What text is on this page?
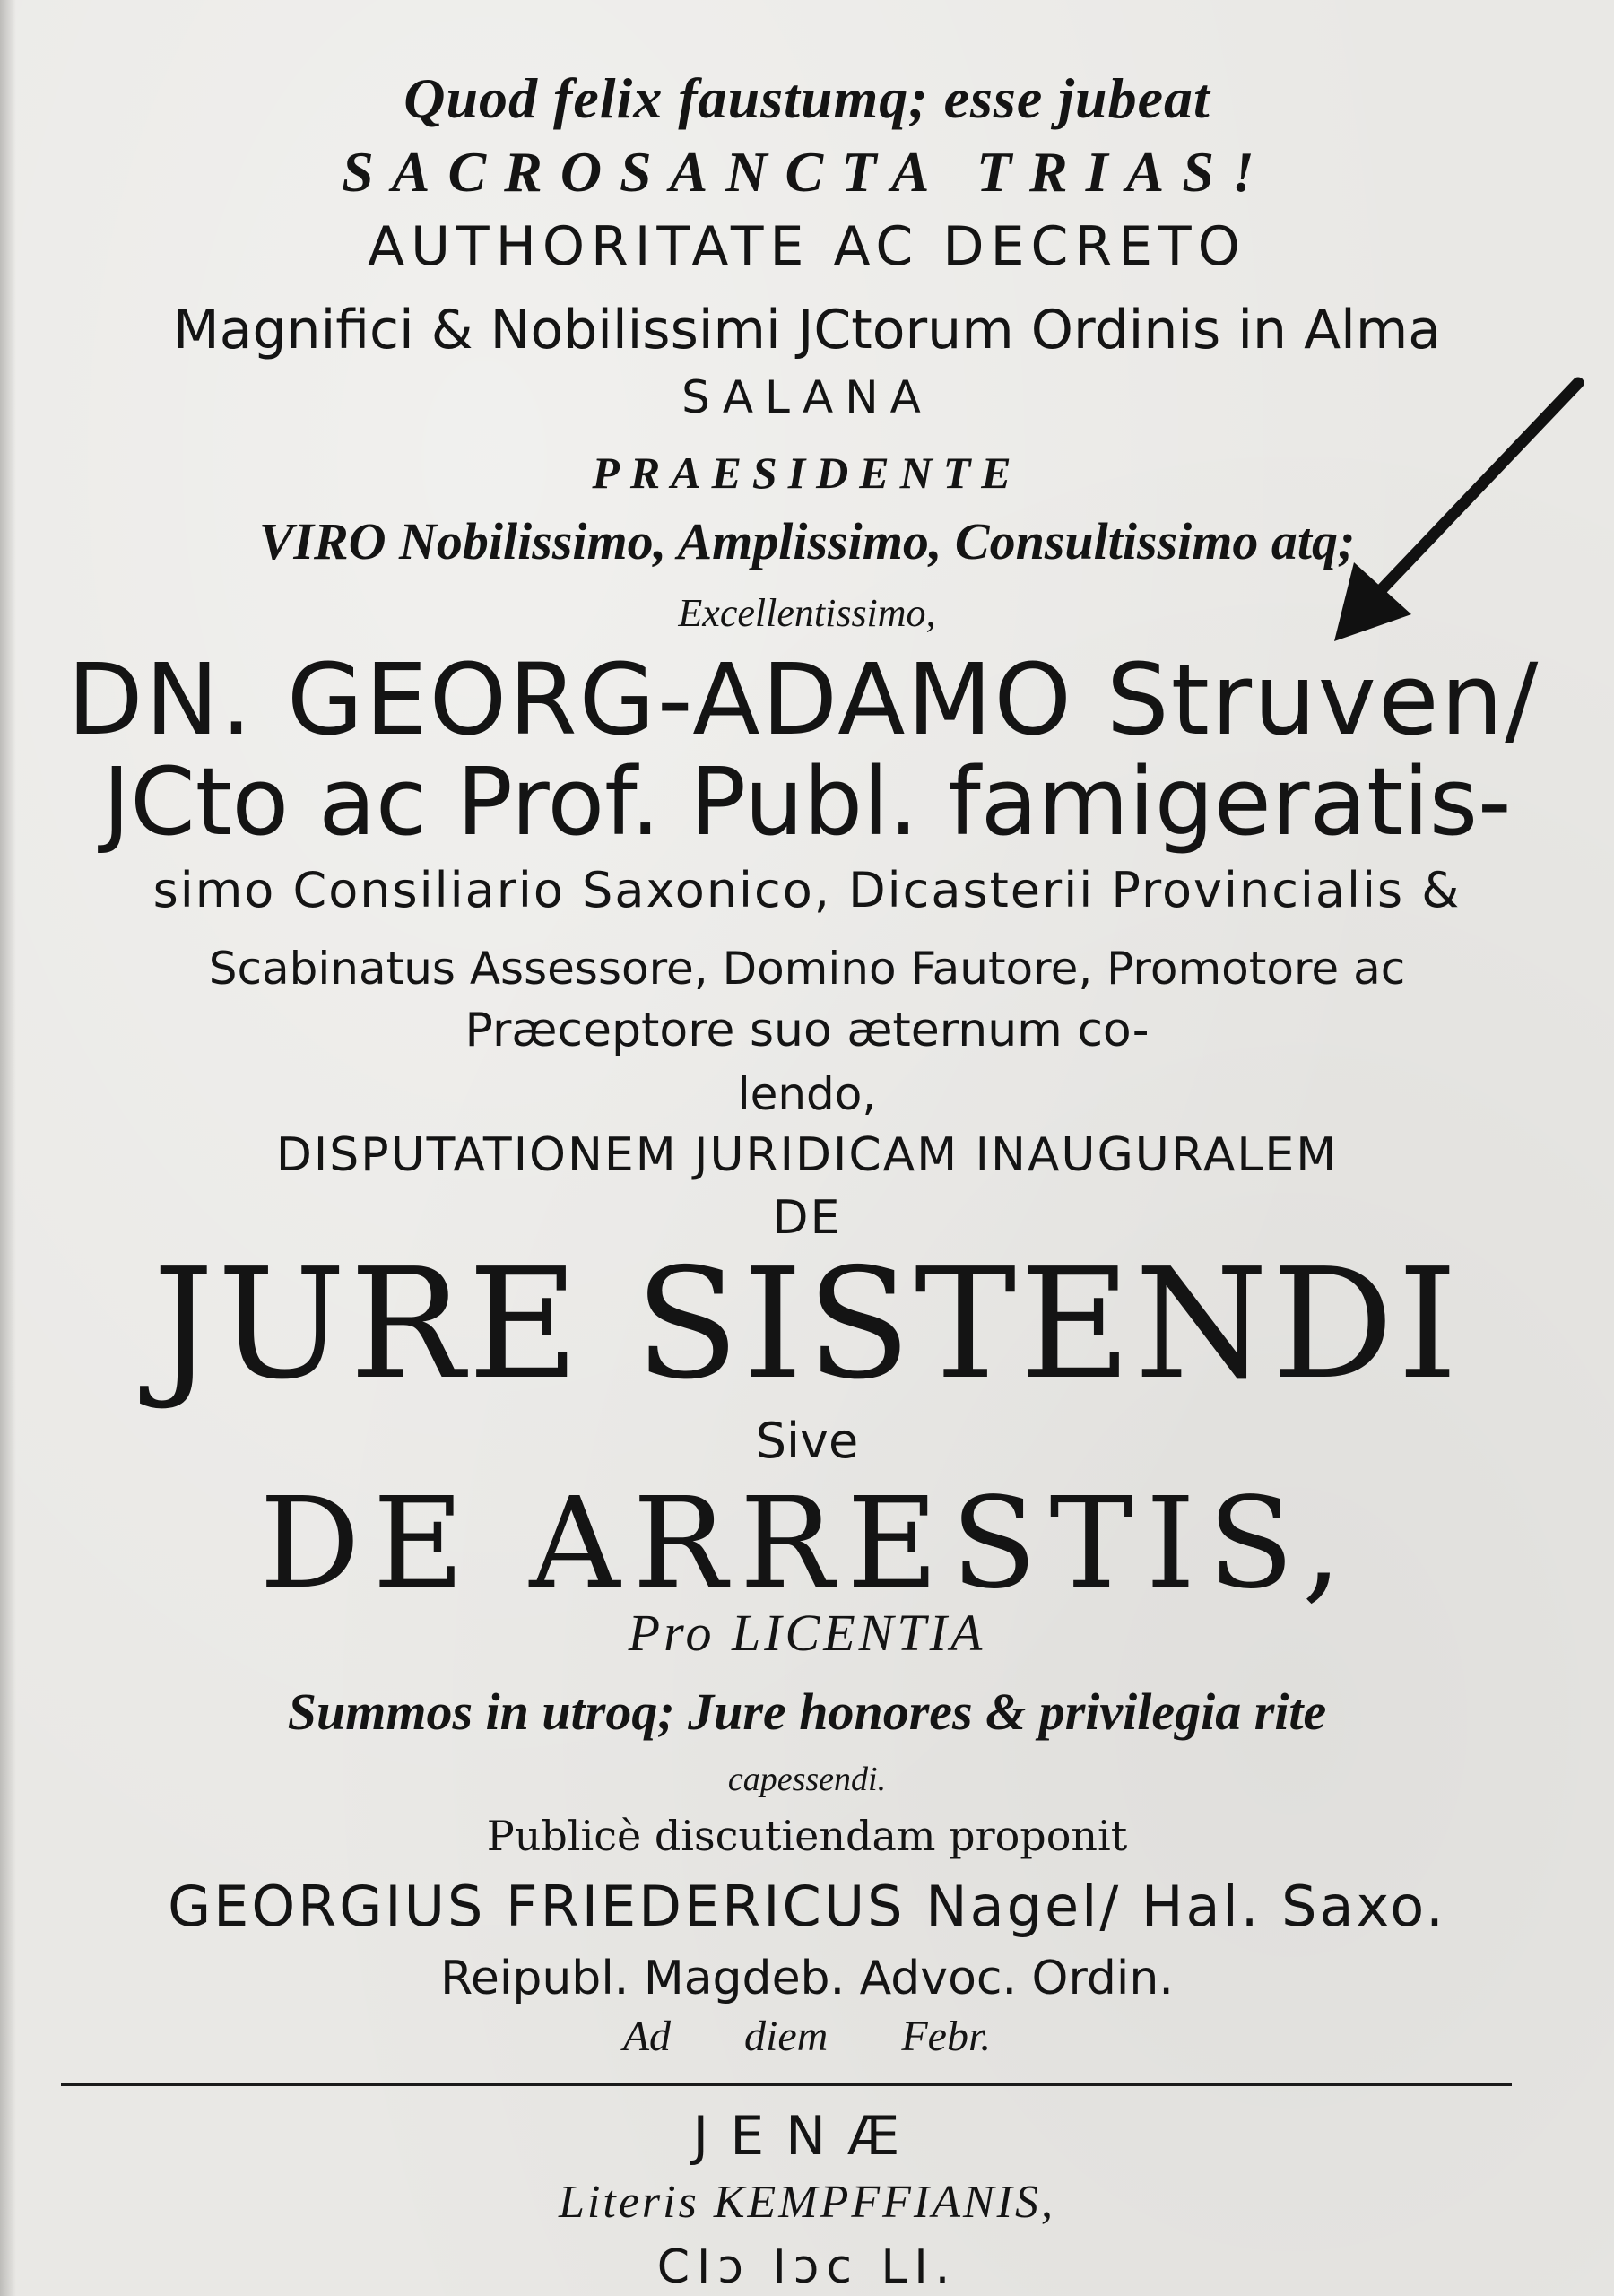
Quod felix faustumq; esse jubeat

SACROSANCTA TRIAS!

AUTHORITATE AC DECRETO

Magnifici & Nobilissimi JCtorum Ordinis in Alma

SALANA

PRAESIDENTE

VIRO Nobilissimo, Amplissimo, Consultissimo atq;

Excellentissimo,

DN. GEORG-ADAMO Struven/

JCto ac Prof. Publ. famigeratis-

simo Consiliario Saxonico, Dicasterii Provincialis &

Scabinatus Assessore, Domino Fautore, Promotore ac

Præceptore suo æternum co-

lendo,

DISPUTATIONEM JURIDICAM INAUGURALEM

DE

JURE SISTENDI

Sive

DE ARRESTIS,

Pro LICENTIA

Summos in utroq; Jure honores & privilegia rite

capessendi.

Publicè discutiendam proponit

GEORGIUS FRIEDERICUS Nagel/ Hal. Saxo.

Reipubl. Magdeb. Advoc. Ordin.

Ad diem Febr.

JENÆ

Literis KEMPFFIANIS,

CIɔ Iɔc LI.
